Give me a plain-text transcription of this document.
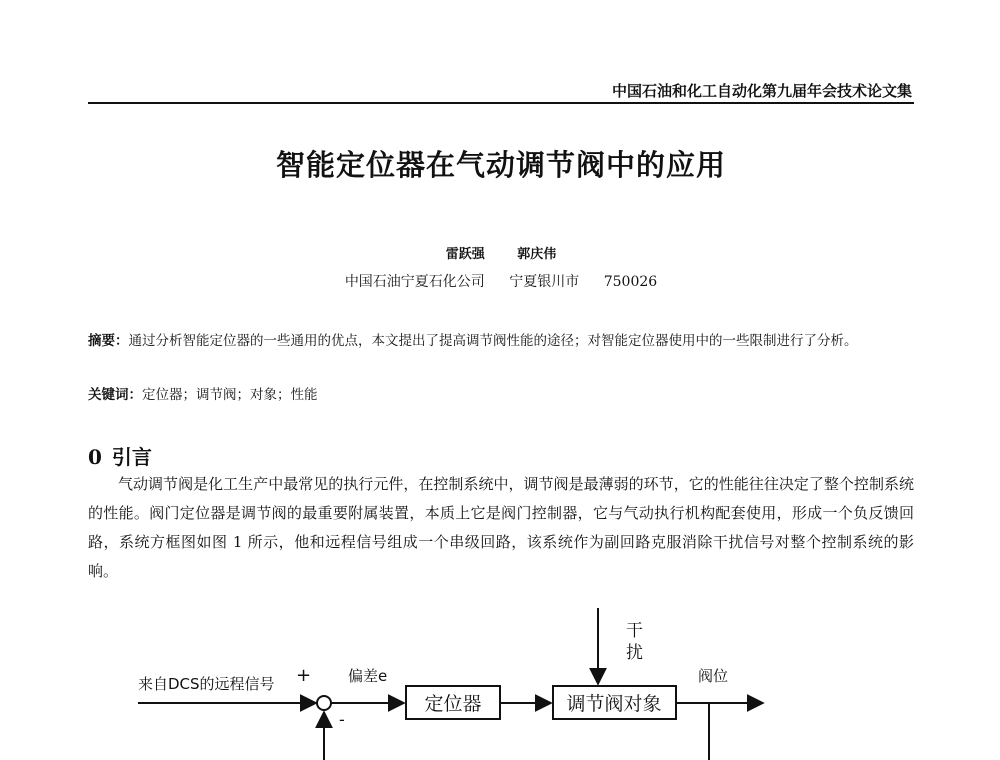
中国石油和化工自动化第九届年会技术论文集
智能定位器在气动调节阀中的应用
雷跃强	郭庆伟
中国石油宁夏石化公司 宁夏银川市 750026
摘要：通过分析智能定位器的一些通用的优点，本文提出了提高调节阀性能的途径；对智能定位器使用中的一些限制进行了分析。
关键词：定位器；调节阀；对象；性能
0 引言
气动调节阀是化工生产中最常见的执行元件，在控制系统中，调节阀是最薄弱的环节，它的性能往往决定了整个控制系统的性能。阀门定位器是调节阀的最重要附属装置，本质上它是阀门控制器，它与气动执行机构配套使用，形成一个负反馈回路，系统方框图如图 1 所示，他和远程信号组成一个串级回路，该系统作为副回路克服消除干扰信号对整个控制系统的影响。
来自DCS的远程信号 +
-
偏差e
定位器	调节阀对象
干
扰
阀位
